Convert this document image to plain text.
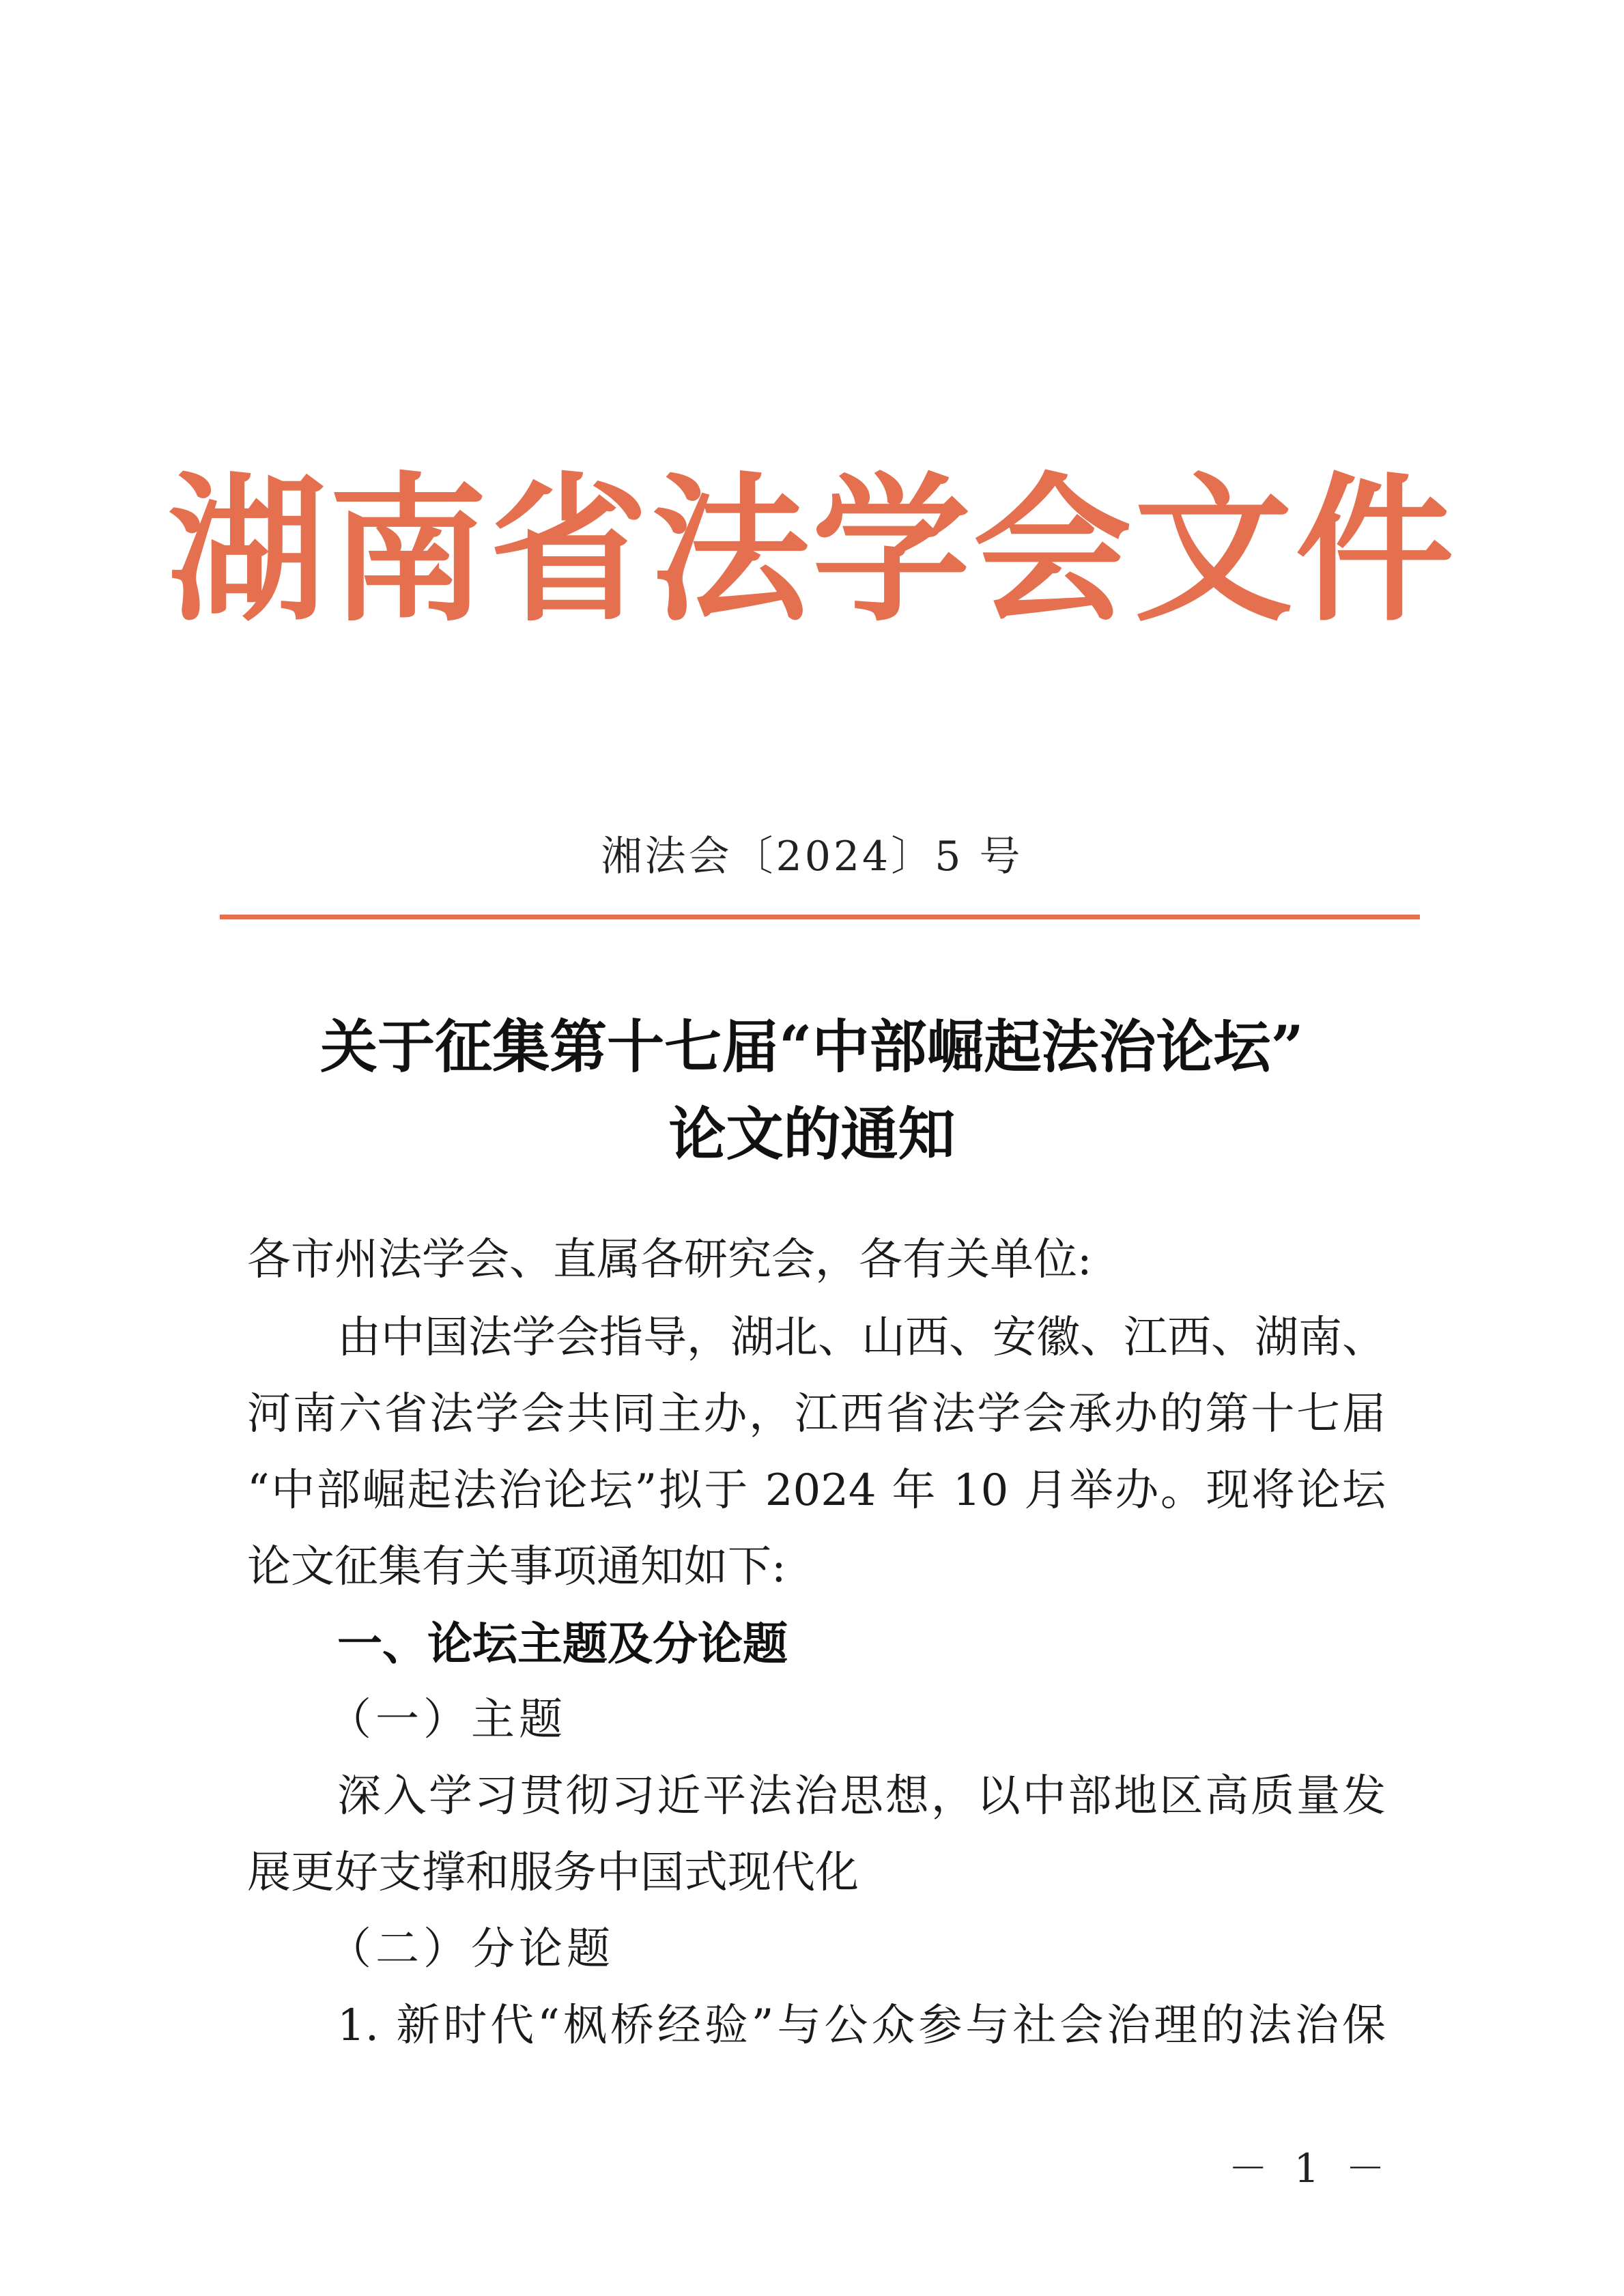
湖南省法学会文件
湘法会〔2024〕5 号
关于征集第十七届“中部崛起法治论坛”
论文的通知
各市州法学会、直属各研究会，各有关单位:
由中国法学会指导，湖北、山西、安徽、江西、湖南、
河南六省法学会共同主办，江西省法学会承办的第十七届
“中部崛起法治论坛”拟于 2024 年 10 月举办。现将论坛
论文征集有关事项通知如下:
一、论坛主题及分论题
（一）主题
深入学习贯彻习近平法治思想，以中部地区高质量发
展更好支撑和服务中国式现代化
（二）分论题
1. 新时代“枫桥经验”与公众参与社会治理的法治保
－ 1 －
